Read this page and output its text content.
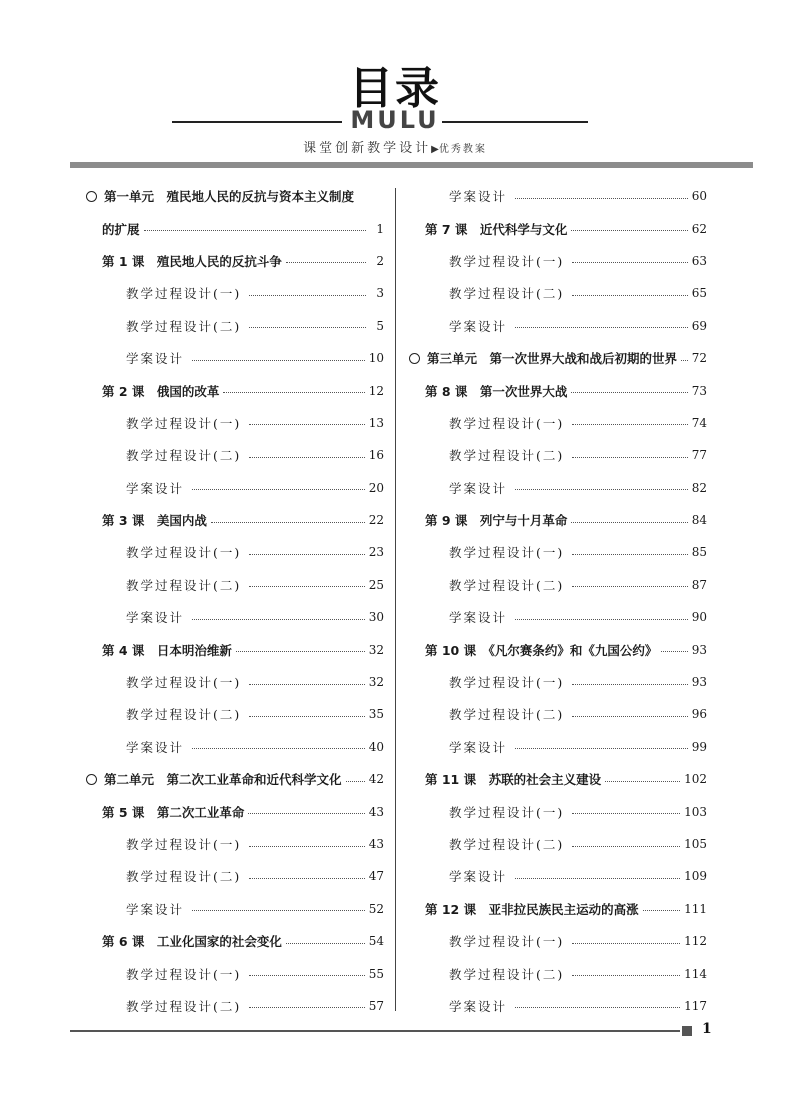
目录
MULU
课堂创新教学设计▶优秀教案
第一单元　殖民地人民的反抗与资本主义制度
的扩展	1
第 1 课　殖民地人民的反抗斗争	2
教学过程设计(一)	3
教学过程设计(二)	5
学案设计	10
第 2 课　俄国的改革	12
教学过程设计(一)	13
教学过程设计(二)	16
学案设计	20
第 3 课　美国内战	22
教学过程设计(一)	23
教学过程设计(二)	25
学案设计	30
第 4 课　日本明治维新	32
教学过程设计(一)	32
教学过程设计(二)	35
学案设计	40
第二单元　第二次工业革命和近代科学文化 42
第 5 课　第二次工业革命	43
教学过程设计(一)	43
教学过程设计(二)	47
学案设计	52
第 6 课　工业化国家的社会变化	54
教学过程设计(一)	55
教学过程设计(二)	57
学案设计	60
第 7 课　近代科学与文化	62
教学过程设计(一)	63
教学过程设计(二)	65
学案设计	69
第三单元　第一次世界大战和战后初期的世界 72
第 8 课　第一次世界大战	73
教学过程设计(一)	74
教学过程设计(二)	77
学案设计	82
第 9 课　列宁与十月革命	84
教学过程设计(一)	85
教学过程设计(二)	87
学案设计	90
第 10 课　《凡尔赛条约》和《九国公约》	93
教学过程设计(一)	93
教学过程设计(二)	96
学案设计	99
第 11 课　苏联的社会主义建设	102
教学过程设计(一)	103
教学过程设计(二)	105
学案设计	109
第 12 课　亚非拉民族民主运动的高涨	111
教学过程设计(一)	112
教学过程设计(二)	114
学案设计	117
1
